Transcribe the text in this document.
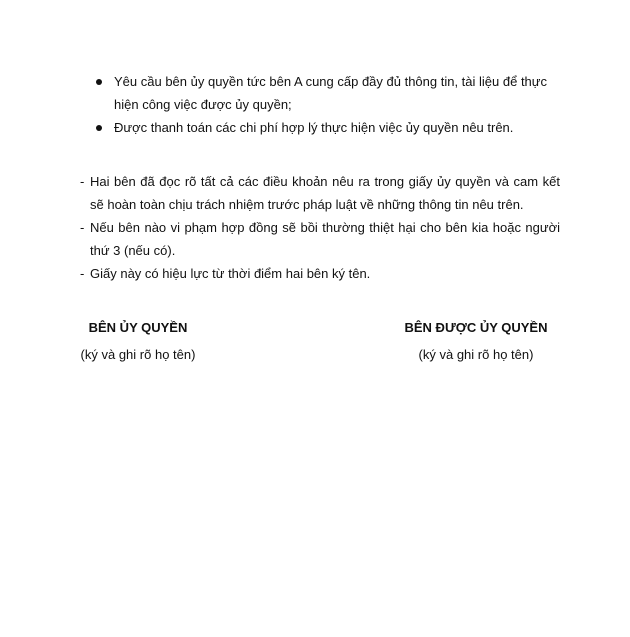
Yêu cầu bên ủy quyền tức bên A cung cấp đầy đủ thông tin, tài liệu để thực hiện công việc được ủy quyền;
Được thanh toán các chi phí hợp lý thực hiện việc ủy quyền nêu trên.
- Hai bên đã đọc rõ tất cả các điều khoản nêu ra trong giấy ủy quyền và cam kết sẽ hoàn toàn chịu trách nhiệm trước pháp luật về những thông tin nêu trên.
- Nếu bên nào vi phạm hợp đồng sẽ bồi thường thiệt hại cho bên kia hoặc người thứ 3 (nếu có).
- Giấy này có hiệu lực từ thời điểm hai bên ký tên.
BÊN ỦY QUYỀN
(ký và ghi rõ họ tên)
BÊN ĐƯỢC ỦY QUYỀN
(ký và ghi rõ họ tên)
